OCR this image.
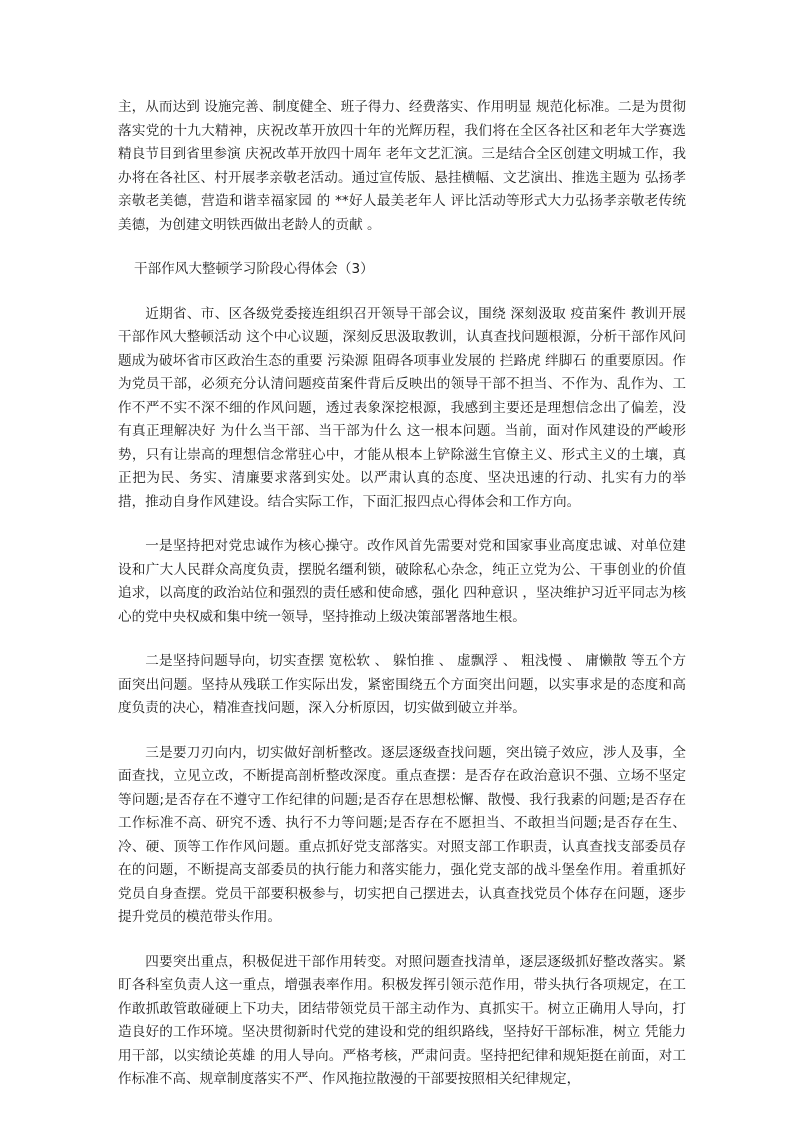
主，从而达到 设施完善、制度健全、班子得力、经费落实、作用明显 规范化标准。二是为贯彻落实党的十九大精神，庆祝改革开放四十年的光辉历程，我们将在全区各社区和老年大学赛选精良节目到省里参演 庆祝改革开放四十周年 老年文艺汇演。三是结合全区创建文明城工作，我办将在各社区、村开展孝亲敬老活动。通过宣传版、悬挂横幅、文艺演出、推选主题为 弘扬孝亲敬老美德，营造和谐幸福家园 的 **好人最美老年人 评比活动等形式大力弘扬孝亲敬老传统美德，为创建文明铁西做出老龄人的贡献 。

干部作风大整顿学习阶段心得体会（3）

近期省、市、区各级党委接连组织召开领导干部会议，围绕 深刻汲取 疫苗案件 教训开展干部作风大整顿活动 这个中心议题，深刻反思汲取教训，认真查找问题根源，分析干部作风问题成为破坏省市区政治生态的重要 污染源 阻碍各项事业发展的 拦路虎 绊脚石 的重要原因。作为党员干部，必须充分认清问题疫苗案件背后反映出的领导干部不担当、不作为、乱作为、工作不严不实不深不细的作风问题，透过表象深挖根源，我感到主要还是理想信念出了偏差，没有真正理解决好 为什么当干部、当干部为什么 这一根本问题。当前，面对作风建设的严峻形势，只有让崇高的理想信念常驻心中，才能从根本上铲除滋生官僚主义、形式主义的土壤，真正把为民、务实、清廉要求落到实处。以严肃认真的态度、坚决迅速的行动、扎实有力的举措，推动自身作风建设。结合实际工作，下面汇报四点心得体会和工作方向。

一是坚持把对党忠诚作为核心操守。改作风首先需要对党和国家事业高度忠诚、对单位建设和广大人民群众高度负责，摆脱名缰利锁，破除私心杂念，纯正立党为公、干事创业的价值追求，以高度的政治站位和强烈的责任感和使命感，强化 四种意识 ，坚决维护习近平同志为核心的党中央权威和集中统一领导，坚持推动上级决策部署落地生根。

二是坚持问题导向，切实查摆 宽松软 、 躲怕推 、 虚飘浮 、 粗浅慢 、 庸懒散 等五个方面突出问题。坚持从残联工作实际出发，紧密围绕五个方面突出问题，以实事求是的态度和高度负责的决心，精准查找问题，深入分析原因，切实做到破立并举。

三是要刀刃向内，切实做好剖析整改。逐层逐级查找问题，突出镜子效应，涉人及事，全面查找，立见立改，不断提高剖析整改深度。重点查摆：是否存在政治意识不强、立场不坚定等问题;是否存在不遵守工作纪律的问题;是否存在思想松懈、散慢、我行我素的问题;是否存在工作标准不高、研究不透、执行不力等问题;是否存在不愿担当、不敢担当问题;是否存在生、冷、硬、顶等工作作风问题。重点抓好党支部落实。对照支部工作职责，认真查找支部委员存在的问题，不断提高支部委员的执行能力和落实能力，强化党支部的战斗堡垒作用。着重抓好党员自身查摆。党员干部要积极参与，切实把自己摆进去，认真查找党员个体存在问题，逐步提升党员的模范带头作用。

四要突出重点，积极促进干部作用转变。对照问题查找清单，逐层逐级抓好整改落实。紧盯各科室负责人这一重点，增强表率作用。积极发挥引领示范作用，带头执行各项规定，在工作敢抓敢管敢碰硬上下功夫，团结带领党员干部主动作为、真抓实干。树立正确用人导向，打造良好的工作环境。坚决贯彻新时代党的建设和党的组织路线，坚持好干部标准，树立 凭能力用干部，以实绩论英雄 的用人导向。严格考核，严肃问责。坚持把纪律和规矩挺在前面，对工作标准不高、规章制度落实不严、作风拖拉散漫的干部要按照相关纪律规定，
